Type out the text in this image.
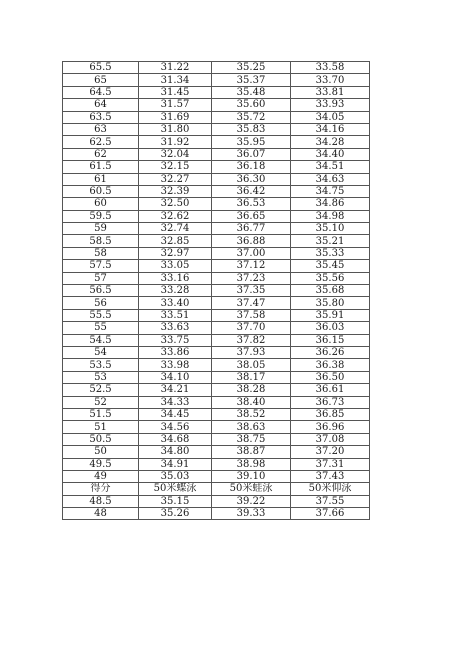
65.5	31.22	35.25	33.58
65	31.34	35.37	33.70
64.5	31.45	35.48	33.81
64	31.57	35.60	33.93
63.5	31.69	35.72	34.05
63	31.80	35.83	34.16
62.5	31.92	35.95	34.28
62	32.04	36.07	34.40
61.5	32.15	36.18	34.51
61	32.27	36.30	34.63
60.5	32.39	36.42	34.75
60	32.50	36.53	34.86
59.5	32.62	36.65	34.98
59	32.74	36.77	35.10
58.5	32.85	36.88	35.21
58	32.97	37.00	35.33
57.5	33.05	37.12	35.45
57	33.16	37.23	35.56
56.5	33.28	37.35	35.68
56	33.40	37.47	35.80
55.5	33.51	37.58	35.91
55	33.63	37.70	36.03
54.5	33.75	37.82	36.15
54	33.86	37.93	36.26
53.5	33.98	38.05	36.38
53	34.10	38.17	36.50
52.5	34.21	38.28	36.61
52	34.33	38.40	36.73
51.5	34.45	38.52	36.85
51	34.56	38.63	36.96
50.5	34.68	38.75	37.08
50	34.80	38.87	37.20
49.5	34.91	38.98	37.31
49	35.03	39.10	37.43
得分	50米蝶泳	50米蛙泳	50米仰泳
48.5	35.15	39.22	37.55
48	35.26	39.33	37.66
